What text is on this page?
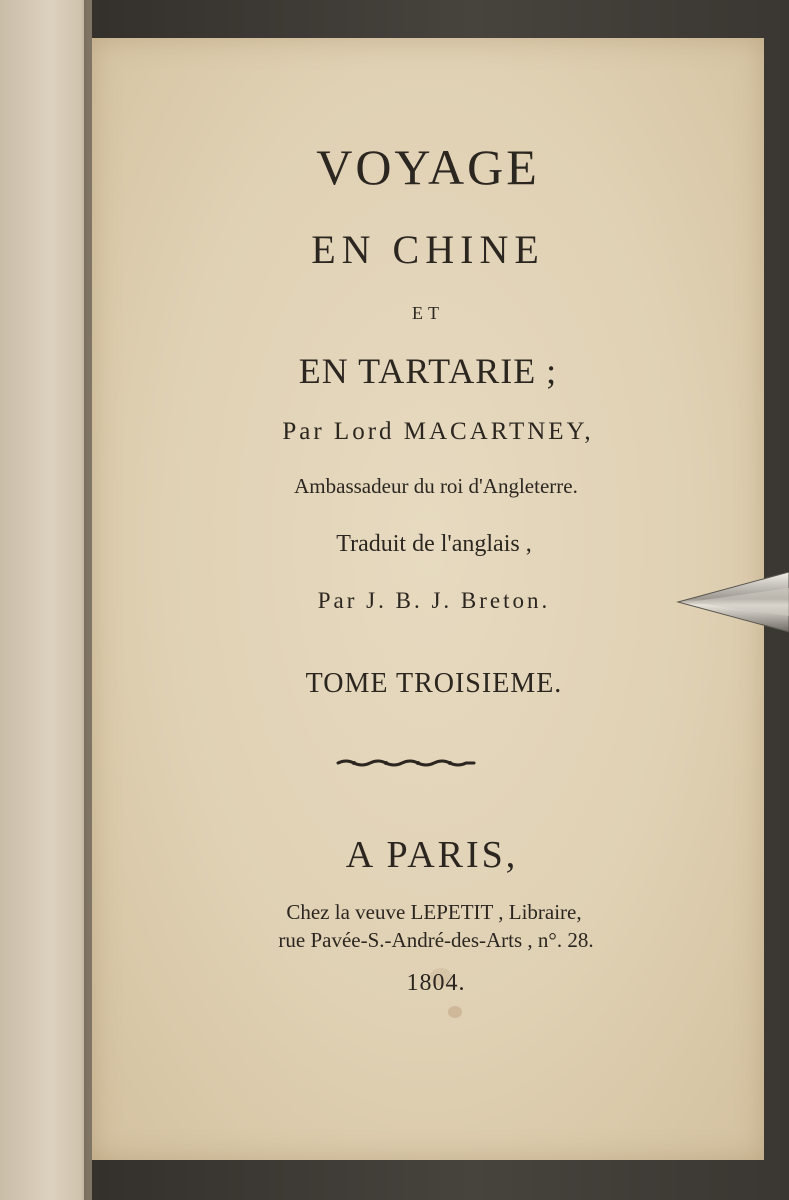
VOYAGE
EN CHINE
ET
EN TARTARIE ;
Par Lord MACARTNEY,
Ambassadeur du roi d'Angleterre.
Traduit de l'anglais ,
Par J. B. J. Breton.
TOME TROISIEME.
A PARIS,
Chez la veuve LEPETIT , Libraire,
rue Pavée-S.-André-des-Arts , n°. 28.
1804.
